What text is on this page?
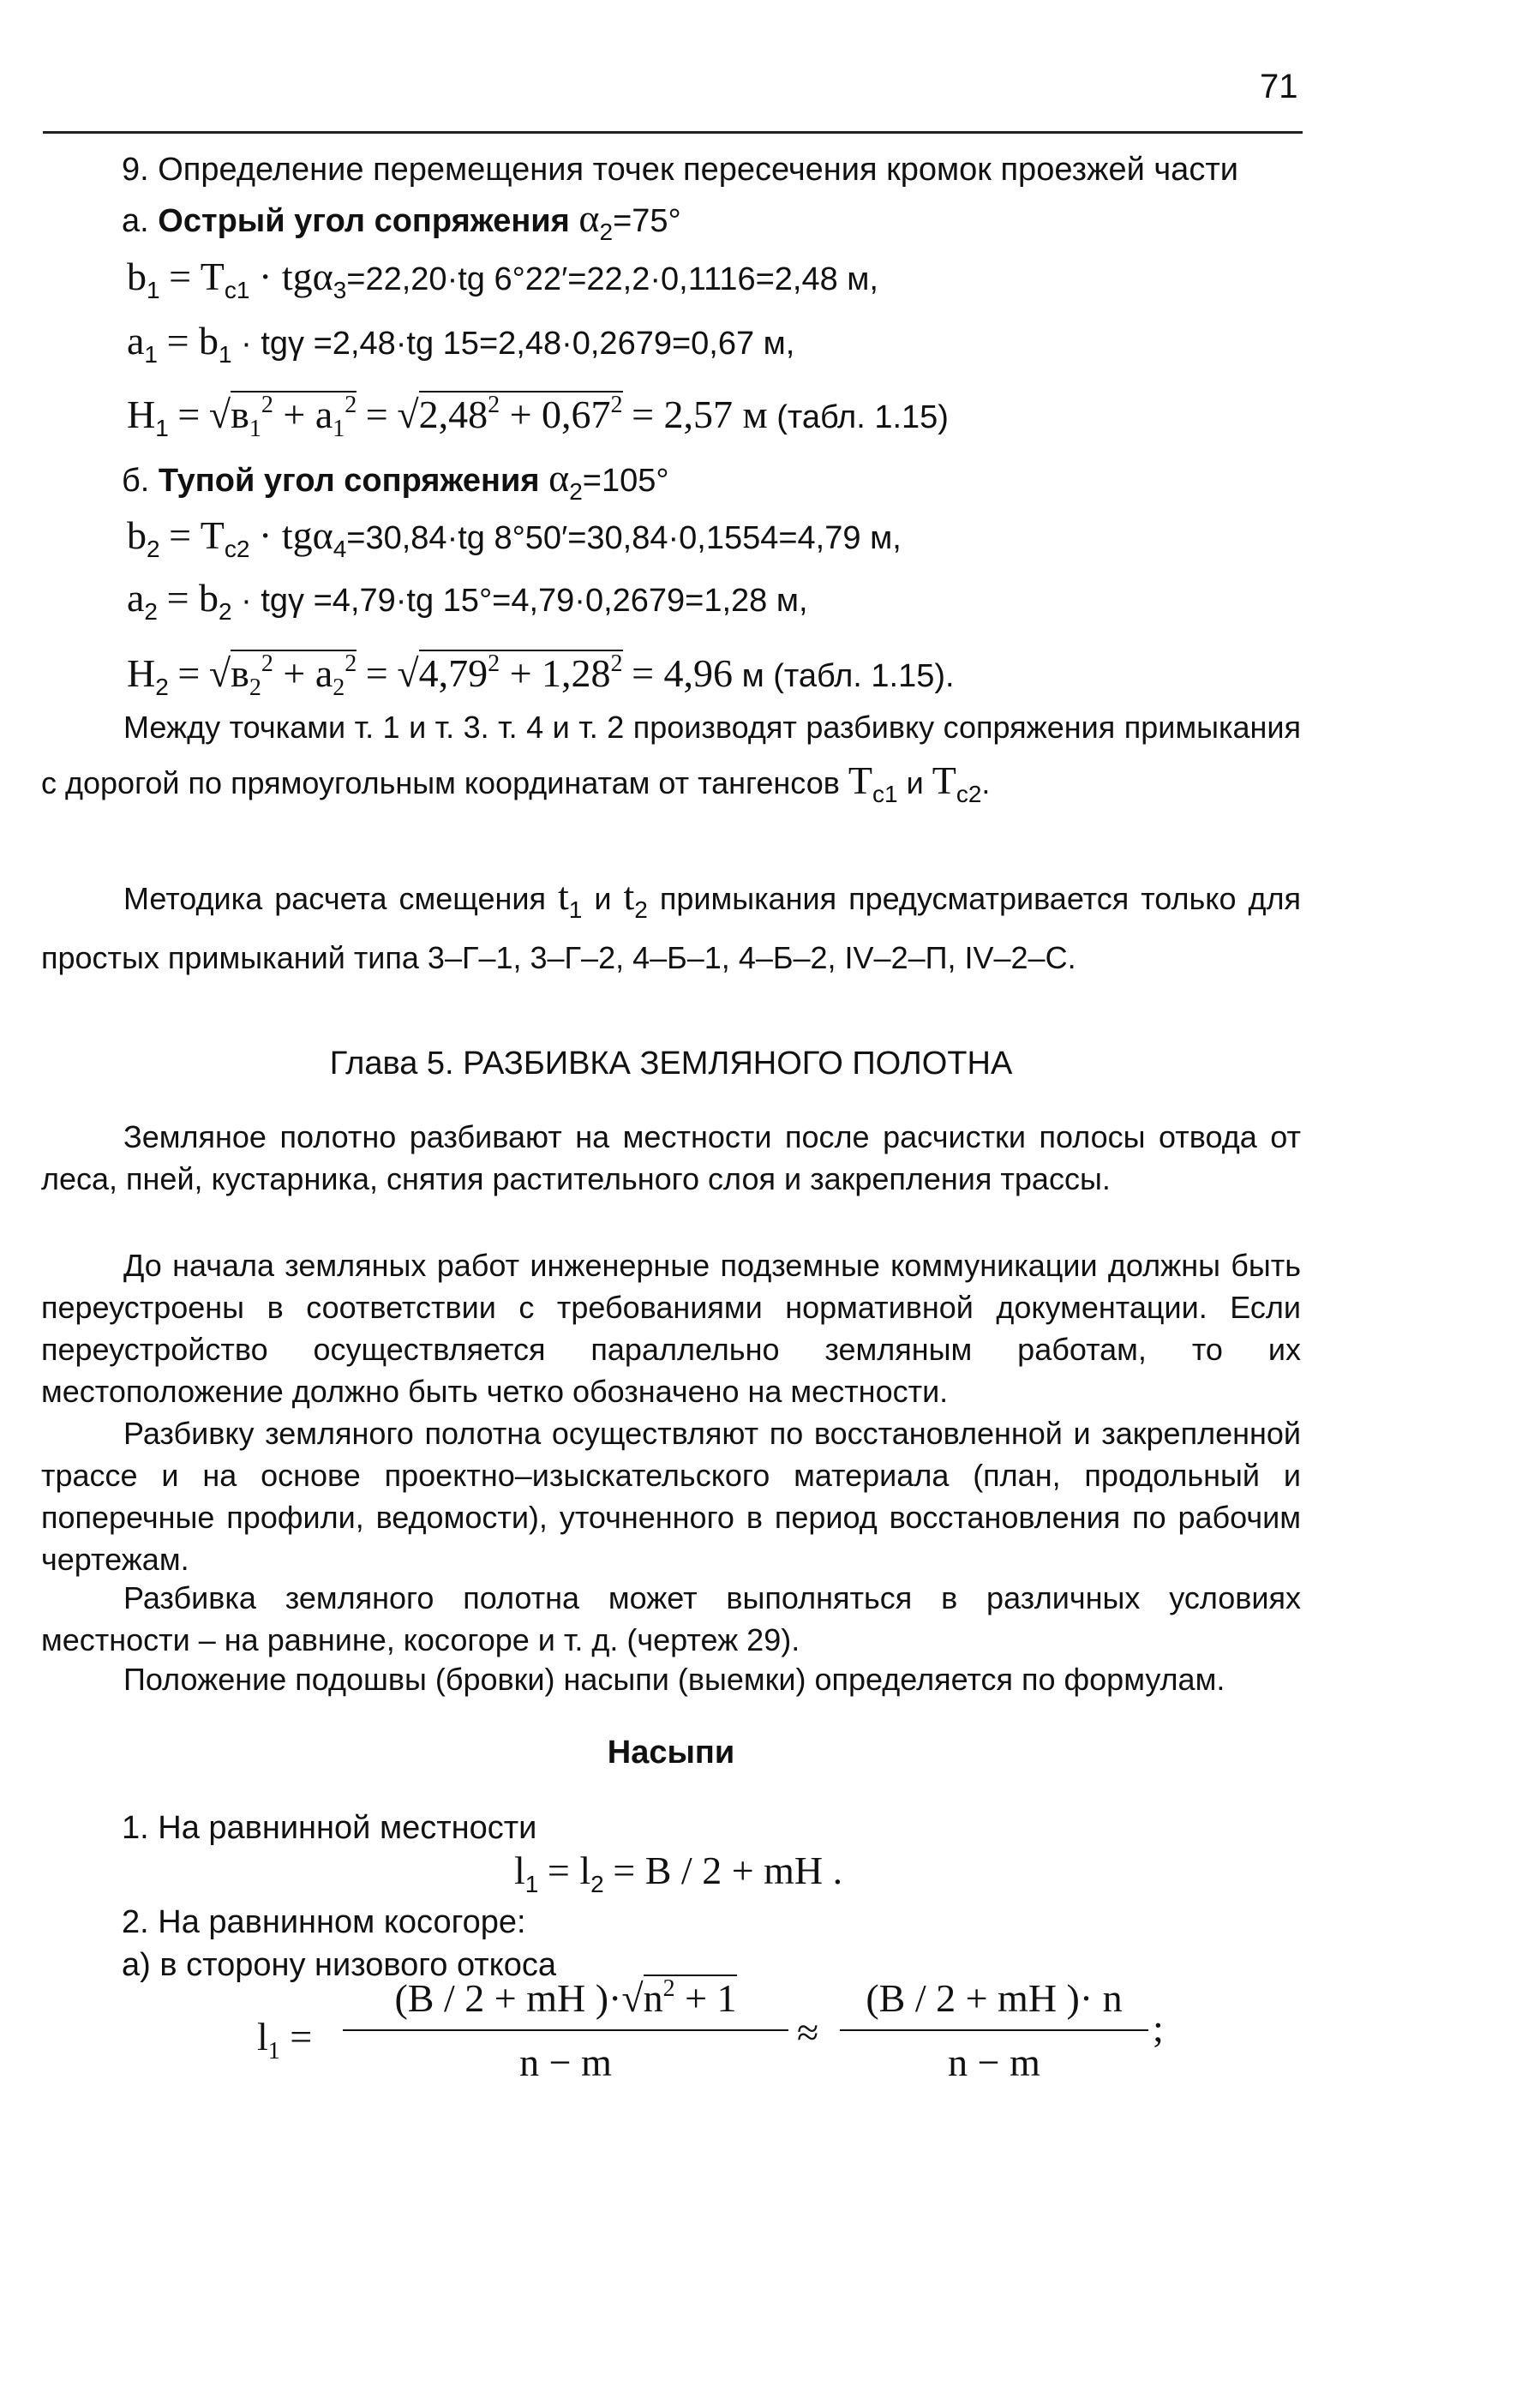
71
9. Определение перемещения точек пересечения кромок проезжей части
а. Острый угол сопряжения $\alpha_2=75^\circ$
$b_1 = T_{c1} \cdot tg\alpha_3=22,20\cdot tg$ 6°22′=22,2·0,1116=2,48 м,
$a_1 = b_1 \cdot tg\gamma =2,48\cdot tg$ 15=2,48·0,2679=0,67 м,
$H_1 = √в_1^2 + a_1^2 = √2,48^2 + 0,67^2 = 2,57$ м (табл. 1.15)
б. Тупой угол сопряжения $\alpha_2=105^\circ$
$b_2 = T_{c2} \cdot tg\alpha_4=30,84\cdot tg$ 8°50′=30,84·0,1554=4,79 м,
$a_2 = b_2 \cdot tg\gamma =4,79\cdot tg$ 15°=4,79·0,2679=1,28 м,
$H_2 = √в_2^2 + a_2^2 = √4,79^2 + 1,28^2 = 4,96$ м (табл. 1.15).
Между точками т. 1 и т. 3. т. 4 и т. 2 производят разбивку сопряжения примыкания с дорогой по прямоугольным координатам от тангенсов $T_{c1}$ и $T_{c2}$.
Методика расчета смещения $t_1$ и $t_2$ примыкания предусматривается только для простых примыканий типа 3–Г–1, 3–Г–2, 4–Б–1, 4–Б–2, IV–2–П, IV–2–С.
Глава 5. РАЗБИВКА ЗЕМЛЯНОГО ПОЛОТНА
Земляное полотно разбивают на местности после расчистки полосы отвода от леса, пней, кустарника, снятия растительного слоя и закрепления трассы.
До начала земляных работ инженерные подземные коммуникации должны быть переустроены в соответствии с требованиями нормативной документации. Если переустройство осуществляется параллельно земляным работам, то их местоположение должно быть четко обозначено на местности.
Разбивку земляного полотна осуществляют по восстановленной и закрепленной трассе и на основе проектно–изыскательского материала (план, продольный и поперечные профили, ведомости), уточненного в период восстановления по рабочим чертежам.
Разбивка земляного полотна может выполняться в различных условиях местности – на равнине, косогоре и т. д. (чертеж 29).
Положение подошвы (бровки) насыпи (выемки) определяется по формулам.
Насыпи
1. На равнинной местности
$l_1 = l_2 = B / 2$ + mH .
2. На равнинном косогоре:
а) в сторону низового откоса
$l_1$ =
(B / 2 + mH )$\cdot√n^2 + 1$
n − m
≈
(B / 2 + mH )· n
n − m
;
